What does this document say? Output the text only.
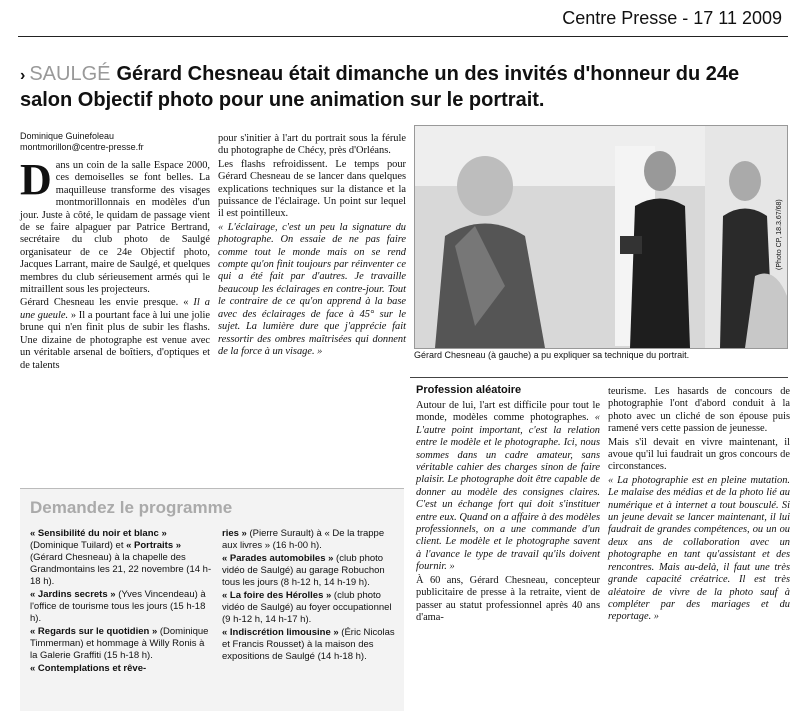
Centre Presse - 17 11 2009
› SAULGÉ Gérard Chesneau était dimanche un des invités d'honneur du 24e salon Objectif photo pour une animation sur le portrait.
Dominique Guinefoleau
montmorillon@centre-presse.fr

Dans un coin de la salle Espace 2000, ces demoiselles se font belles. La maquilleuse transforme des visages montmorillonnais en modèles d'un jour. Juste à côté, le quidam de passage vient de se faire alpaguer par Patrice Bertrand, secrétaire du club photo de Saulgé organisateur de ce 24e Objectif photo, Jacques Larrant, maire de Saulgé, et quelques membres du club sérieusement armés qui le mitraillent sous les projecteurs.

Gérard Chesneau les envie presque. « Il a une gueule. » Il a pourtant face à lui une jolie brune qui n'en finit plus de subir les flashs. Une dizaine de photographe est venue avec un véritable arsenal de boîtiers, d'optiques et de talents

pour s'initier à l'art du portrait sous la férule du photographe de Chécy, près d'Orléans.

Les flashs refroidissent. Le temps pour Gérard Chesneau de se lancer dans quelques explications techniques sur la distance et la puissance de l'éclairage. Un point sur lequel il est pointilleux.

« L'éclairage, c'est un peu la signature du photographe. On essaie de ne pas faire comme tout le monde mais on se rend compte qu'on finit toujours par réinventer ce qui a été fait par d'autres. Je travaille beaucoup les éclairages en contre-jour. Tout le contraire de ce qu'on apprend à la base avec des éclairages de face à 45° sur le sujet. La lumière dure que j'apprécie fait ressortir des ombres maîtrisées qui donnent de la force à un visage. »

(Photo CP, 18.3.67/68)
Gérard Chesneau (à gauche) a pu expliquer sa technique du portrait.
Profession aléatoire

Autour de lui, l'art est difficile pour tout le monde, modèles comme photographes. « L'autre point important, c'est la relation entre le modèle et le photographe. Ici, nous sommes dans un cadre amateur, sans véritable cahier des charges sinon de faire plaisir. Le photographe doit être capable de donner au modèle des consignes claires. C'est un échange fort qui doit s'instituer entre eux. Quand on a affaire à des modèles professionnels, on a une commande d'un client. Le modèle et le photographe savent à l'avance le type de travail qu'ils doivent fournir. »

À 60 ans, Gérard Chesneau, concepteur publicitaire de presse à la retraite, vient de passer au statut professionnel après 40 ans d'ama-

teurisme. Les hasards de concours de photographie l'ont d'abord conduit à la photo avec un cliché de son épouse puis ramené vers cette passion de jeunesse.

Mais s'il devait en vivre maintenant, il avoue qu'il lui faudrait un gros concours de circonstances.

« La photographie est en pleine mutation. Le malaise des médias et de la photo lié au numérique et à internet a tout bousculé. Si un jeune devait se lancer maintenant, il lui faudrait de grandes compétences, ou un ou deux ans de collaboration avec un photographe en tant qu'assistant et des rencontres. Mais au-delà, il faut une très grande capacité créatrice. Il est très aléatoire de vivre de la photo sauf à compléter par des mariages et du reportage. »

Demandez le programme

« Sensibilité du noir et blanc » (Dominique Tuilard) et « Portraits » (Gérard Chesneau) à la chapelle des Grandmontains les 21, 22 novembre (14 h-18 h).

« Jardins secrets » (Yves Vincendeau) à l'office de tourisme tous les jours (15 h-18 h).

« Regards sur le quotidien » (Dominique Timmerman) et hommage à Willy Ronis à la Galerie Graffiti (15 h-18 h).

« Contemplations et rêve-

ries » (Pierre Surault) à « De la trappe aux livres » (16 h-00 h).

« Parades automobiles » (club photo vidéo de Saulgé) au garage Robuchon tous les jours (8 h-12 h, 14 h-19 h).

« La foire des Hérolles » (club photo vidéo de Saulgé) au foyer occupationnel (9 h-12 h, 14 h-17 h).

« Indiscrétion limousine » (Éric Nicolas et Francis Rousset) à la maison des expositions de Saulgé (14 h-18 h).
